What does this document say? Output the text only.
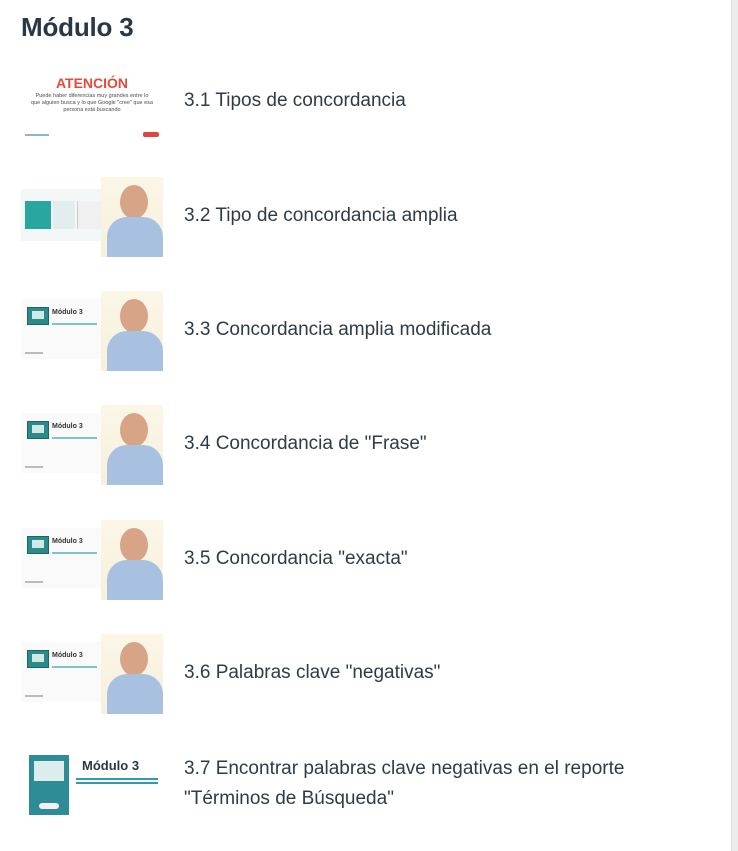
Módulo 3
ATENCIÓN
Puede haber diferencias muy grandes entre lo que alguien busca y lo que Google "cree" que esa persona está buscando	3.1 Tipos de concordancia
3.2 Tipo de concordancia amplia
Módulo 3
3.3 Concordancia amplia modificada
Módulo 3
3.4 Concordancia de "Frase"
Módulo 3
3.5 Concordancia "exacta"
Módulo 3
3.6 Palabras clave "negativas"
Módulo 3 3.7 Encontrar palabras clave negativas en el reporte "Términos de Búsqueda"
